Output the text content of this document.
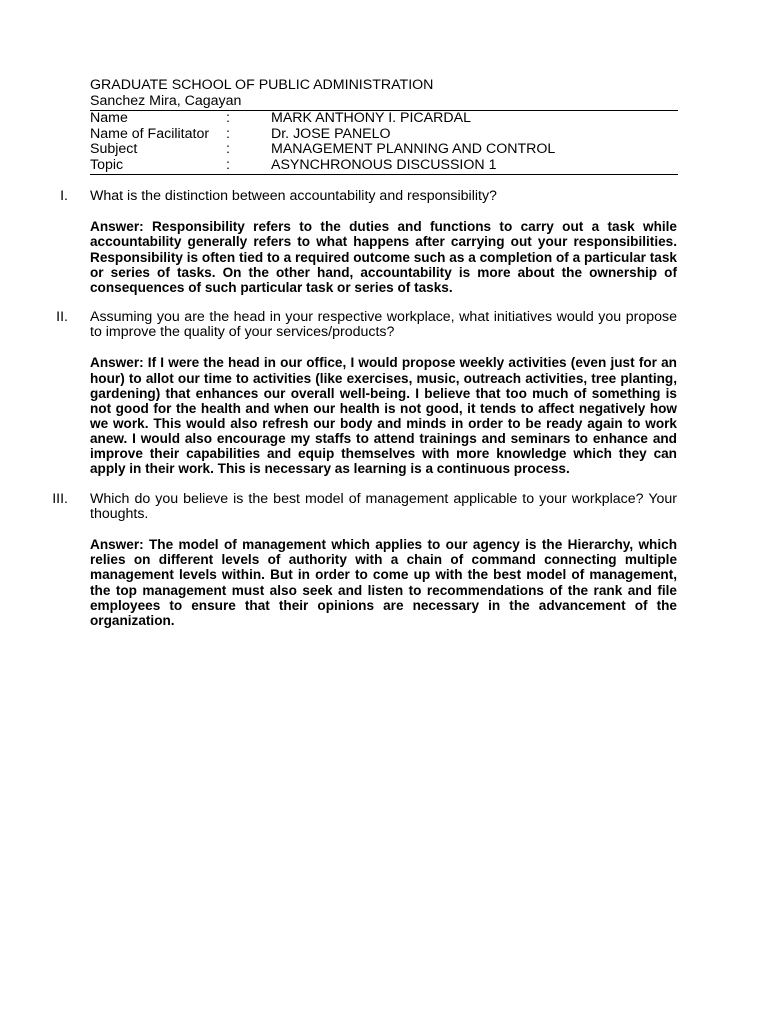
GRADUATE SCHOOL OF PUBLIC ADMINISTRATION
Sanchez Mira, Cagayan
Name	:	MARK ANTHONY I. PICARDAL
Name of Facilitator	:	Dr. JOSE PANELO
Subject	:	MANAGEMENT PLANNING AND CONTROL
Topic	:	ASYNCHRONOUS DISCUSSION 1
I. What is the distinction between accountability and responsibility?
Answer: Responsibility refers to the duties and functions to carry out a task while accountability generally refers to what happens after carrying out your responsibilities. Responsibility is often tied to a required outcome such as a completion of a particular task or series of tasks. On the other hand, accountability is more about the ownership of consequences of such particular task or series of tasks.
II. Assuming you are the head in your respective workplace, what initiatives would you propose to improve the quality of your services/products?
Answer: If I were the head in our office, I would propose weekly activities (even just for an hour) to allot our time to activities (like exercises, music, outreach activities, tree planting, gardening) that enhances our overall well-being. I believe that too much of something is not good for the health and when our health is not good, it tends to affect negatively how we work. This would also refresh our body and minds in order to be ready again to work anew. I would also encourage my staffs to attend trainings and seminars to enhance and improve their capabilities and equip themselves with more knowledge which they can apply in their work. This is necessary as learning is a continuous process.
III. Which do you believe is the best model of management applicable to your workplace? Your thoughts.
Answer: The model of management which applies to our agency is the Hierarchy, which relies on different levels of authority with a chain of command connecting multiple management levels within. But in order to come up with the best model of management, the top management must also seek and listen to recommendations of the rank and file employees to ensure that their opinions are necessary in the advancement of the organization.
